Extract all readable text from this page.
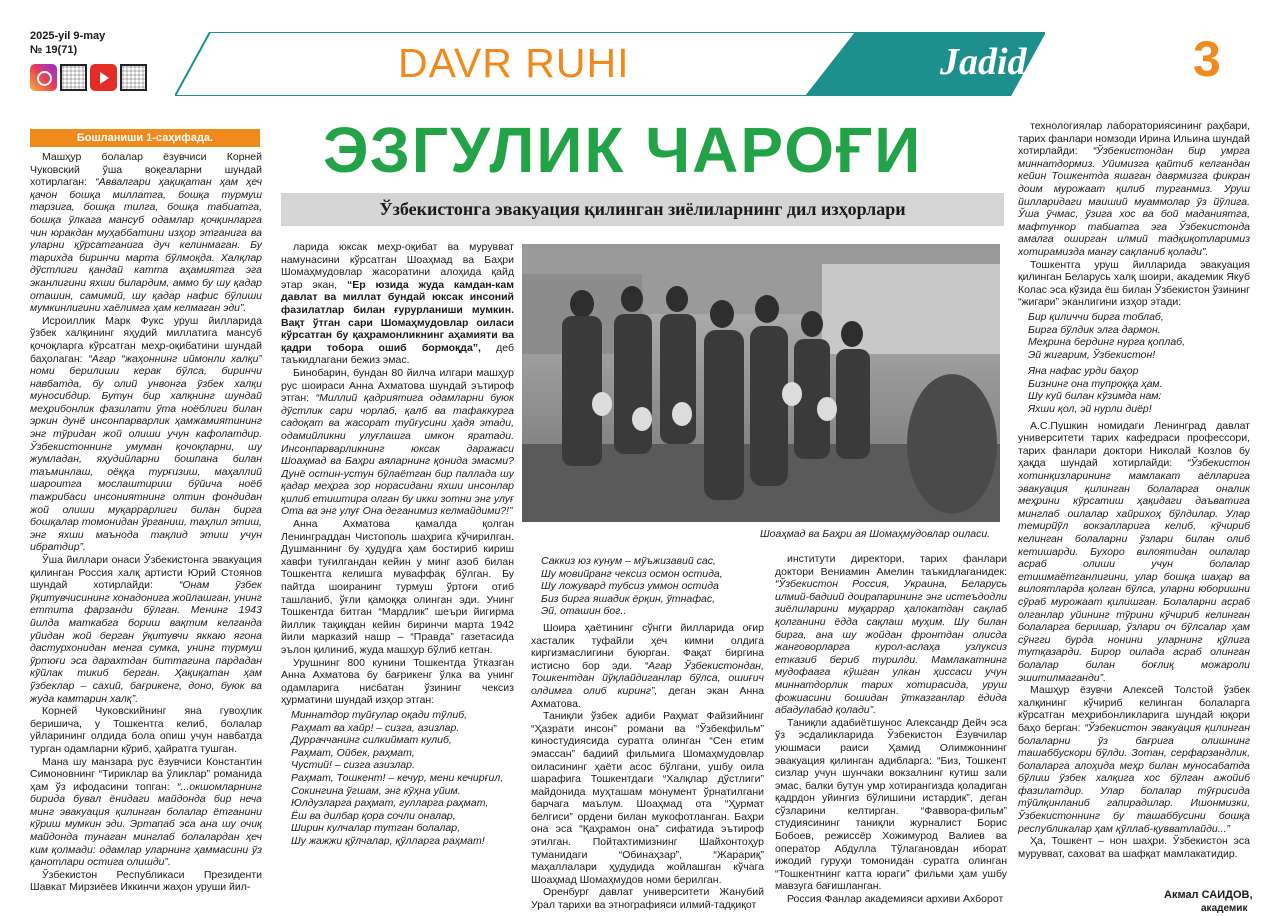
2025-yil 9-may
№ 19(71)	DAVR RUHI	Jadid	3
Бошланиши 1-саҳифада.

Машҳур болалар ёзувчиси Корней Чуковский ўша воқеаларни шундай хотирлаган: “Аввалгари ҳақиқатан ҳам ҳеч қачон бошқа миллатга, бошқа турмуш тарзига, бошқа тилга, бошқа табиатга, бошқа ўлкага мансуб одамлар қочқинларга чин юракдан муҳаббатини изҳор этганига ва уларни қўрсатганига дуч келинмаган. Бу тарихда биринчи марта бўлмоқда. Халқлар дўстлиги қандай катта аҳамиятга эга эканлигини яхши билардим, аммо бу шу қадар оташин, самимий, шу қадар нафис бўлиши мумкинлигини хаёлимга ҳам келмаган эди”.

Исроиллик Марк Фукс уруш йилларида ўзбек халқининг яҳудий миллатига мансуб қочоқларга кўрсатган меҳр-оқибатини шундай баҳолаган: “Агар “жаҳоннинг иймонли халқи” номи берилиши керак бўлса, биринчи навбатда, бу олий унвонга ўзбек халқи муносибдир. Бутун бир халқнинг шундай меҳрибонлик фазилати ўта ноёблиги билан эркин дунё инсонпарварлик ҳамжамиятининг энг тўридан жой олиши учун кафолатдир. Ўзбекистоннинг умуман қочоқларни, шу жумладан, яҳудийларни бошпана билан таъминлаш, оёққа турғизиш, маҳаллий шароитга мослаштириш бўйича ноёб тажрибаси инсониятнинг олтин фондидан жой олиши муқаррарлиги билан бирга бошқалар томонидан ўрганиш, таҳлил этиш, энг яхши маънода тақлид этиш учун ибратдир”.

Ўша йиллари онаси Ўзбекистонга эвакуация қилинган Россия халқ артисти Юрий Стоянов шундай хотирлайди: “Онам ўзбек ўқитувчисининг хонадонига жойлашган, унинг еттита фарзанди бўлган. Менинг 1943 йилда маткабга бориш вақтим келганда уйидан жой берган ўқитувчи яккаю ягона дастурхонидан менга сумка, унинг турмуш ўртоғи эса дарахтдан биттагина пардадан кўйлак тикиб берган. Ҳақиқатан ҳам ўзбеклар – сахий, бағрикенг, доно, буюк ва жуда камтарин халқ”.

Корней Чуковскийнинг яна гувоҳлик беришича, у Тошкентга келиб, болалар уйларининг олдида бола опиш учун навбатда турган одамларни кўриб, ҳайратга тушган.

Мана шу манзара рус ёзувчиси Константин Симоновнинг “Тириклар ва ўликлар” романида ҳам ўз ифодасини топган: “...окшомларнинг бирида бувал ёнидаги майдонда бир неча минг эвакуация қилинган болалар ётганини кўриш мумкин эди. Эртапаб эса ана шу очиқ майдонда тунаган минглаб болалардан ҳеч ким қолмади: одамлар уларнинг ҳаммасини ўз қанотлари остига олишди”.

Ўзбекистон Республикаси Президенти Шавкат Мирзиёев Иккинчи жаҳон уруши йил-

ЭЗГУЛИК ЧАРОҒИ
Ўзбекистонга эвакуация қилинган зиёлиларнинг дил изҳорлари

ларида юксак меҳр-оқибат ва мурувват намунасини кўрсатган Шоаҳмад ва Баҳри Шомаҳмудовлар жасоратини алоҳида қайд этар экан, “Ер юзида жуда камдан-кам давлат ва миллат бундай юксак инсоний фазилатлар билан ғурурланиши мумкин. Вақт ўтган сари Шомаҳмудовлар оиласи кўрсатган бу қаҳрамонликнинг аҳамияти ва қадри тобора ошиб бормоқда”, деб таъкидлагани бежиз эмас.

Бинобарин, бундан 80 йилча илгари машҳур рус шоираси Анна Ахматова шундай эътироф этган: “Миллий қадриятига одамларни буюк дўстлик сари чорлаб, қалб ва тафаккурга садоқат ва жасорат туйғусини ҳадя этади, одамийликни улуғлашга имкон яратади. Инсонпарварликнинг юксак даражаси Шоаҳмад ва Баҳри аяларнинг қонида эмасми? Дунё остин-устун бўлаётган бир паллада шу қадар меҳрга зор норасидани яхши инсонлар қилиб етиштира олган бу икки зотни энг улуғ Ота ва энг улуғ Она деганимиз келмайдими?!”

Анна Ахматова қамалда қолган Ленинграддан Чистополь шаҳрига кўчирилган. Душманнинг бу ҳудудга ҳам бостириб кириш хавфи туғилгандан кейин у минг азоб билан Тошкентга келишга муваффақ бўлган. Бу пайтда шоиранинг турмуш ўртоғи отиб ташланиб, ўғли қамоққа олинган эди. Унинг Тошкентда битган “Мардлик” шеъри йигирма йиллик тақиқдан кейин биринчи марта 1942 йили марказий нашр – “Правда” газетасида эълон қилиниб, жуда машҳур бўлиб кетган.

Урушнинг 800 кунини Тошкентда ўтказган Анна Ахматова бу бағрикенг ўлка ва унинг одамларига нисбатан ўзининг чексиз ҳурматини шундай изҳор этган:

Миннатдор туйғулар оқади тўлиб,

Раҳмат ва хайр! – сизга, азизлар.

Дурраччанинг силкиймаm кулиб,

Раҳмат, Ойбек, раҳмат,

Чустий! – сизга азизлар.

Раҳмат, Тошкент! – кечур, мени кечирғил,

Сокингина ўгшам, энг кўҳна уйим.

Юлдузларга раҳмат, гулларга раҳмат,

Ёш ва дилбар қора сочли оналар,

Ширин кулчалар тутган болалар,

Шу жажжи қўлчалар, қўлларга раҳмат!

Шоаҳмад ва Баҳри ая Шомаҳмудовлар оиласи.

Саккиз юз кунум – мўъжизавий сас,

Шу мовийранг чексиз осмон остида,

Шу ложувард тубсиз уммон остида

Биз бирга яшадик ёрқин, ўтнафас,

Эй, оташин бог..

Шоира ҳаётининг сўнгги йилларида оғир хасталик туфайли ҳеч кимни олдига киргизмаслигини буюрган. Фақат биргина истисно бор эди. “Агар Ўзбекистондан, Тошкентдан йўқлайдиганлар бўлса, ошиғич олдимга олиб киринг”, деган экан Анна Ахматова.

Таниқли ўзбек адиби Раҳмат Файзийнинг “Ҳазрати инсон” романи ва “Ўзбекфильм” киностудиясида суратга олинган “Сен етим эмассан” бадиий фильмига Шомаҳмудовлар оиласининг ҳаёти асос бўлгани, ушбу оила шарафига Тошкентдаги “Халқлар дўстлиги” майдонида муҳташам монумент ўрнатилгани барчага маълум. Шоаҳмад ота “Ҳурмат белгиси” ордени билан мукофотланган. Баҳри она эса “Қаҳрамон она” сифатида эътироф этилган. Пойтахтимизнинг Шайхонтоҳур туманидаги “Обинаҳзар”, “Жарариқ” маҳаллалари ҳудудида жойлашган кўчага Шоаҳмад Шомаҳмудов номи берилган.

Оренбург давлат университети Жанубий Урал тарихи ва этнографияси илмий-тадқиқот

институти директори, тарих фанлари доктори Вениамин Амелин таъкидлаганидек: “Ўзбекистон Россия, Украина, Беларусь илмий-бадиий доирапарининг энг истеъдодли зиёлиларини муқаррар ҳалокатдан сақлаб қолганини ёдда сақлаш муҳим. Шу билан бирга, ана шу жойдан фронтдан олисда жанговорларга курол-аслаҳа узлуксиз етказиб бериб турилди. Мамлакатнинг мудофаага кўшган улкан ҳиссаси учун миннатдорлик тарих хотирасида, уруш фожиасини бошидан ўтказганлар ёдида абадулабад қолади”.

Таниқли адабиётшунос Александр Дейч эса ўз эсдаликларида Ўзбекистон Ёзувчилар уюшмаси раиси Ҳамид Олимжоннинг эвакуация қилинган адибларга: “Биз, Тошкент сизлар учун шунчаки вокзалнинг кутиш зали эмас, балки бутун умр хотирангизда қоладиган қадрдон уйингиз бўлишини истардик”, деган сўзларини келтирган. “Фаввора-фильм” студиясининг таниқли журналист Борис Бобоев, режиссёр Хожимурод Валиев ва оператор Абдулла Тўлагановдан иборат ижодий гуруҳи томонидан суратга олинган “Тошкентнинг катта юраги” фильми ҳам ушбу мавзуга бағишланган.

Россия Фанлар академияси архиви Ахборот

технологиялар лабораториясининг раҳбари, тарих фанлари номзоди Ирина Ильина шундай хотирлайди: “Ўзбекистондан бир умрга миннатдормиз. Уйимизга қайтиб келгандан кейин Тошкентда яшаган даврмизга фикран доим мурожаат қилиб турганмиз. Уруш йилларидаги маиший муаммолар ўз йўлига. Ўша ўчмас, ўзига хос ва бой маданиятга, мафтункор табиатга эга Ўзбекистонда амалга оширган илмий тадқиқотларимиз хотирамизда мангу сақланиб қолади”.

Тошкентга уруш йилларида эвакуация қилинган Беларусь халқ шоири, академик Якуб Колас эса кўзида ёш билан Ўзбекистон ўзининг “жигари” эканлигини изҳор этади:

Бир қиличчи бирга тоблаб,

Бирга бўлдик элга дармон.

Меҳрина бердинг нурга қоплаб,

Эй жигарим, Ўзбекистон!

Яна нафас урди баҳор

Бизнинг она тупроққа ҳам.

Шу куй билан кўзимда нам:

Яхши қол, эй нурли диёр!

А.С.Пушкин номидаги Ленинград давлат университети тарих кафедраси профессори, тарих фанлари доктори Николай Козлов бу ҳақда шундай хотирлайди: “Ўзбекистон хотинқизларининг мамлакат аёлларига эвакуация қилинган болаларга оналик меҳрини кўрсатиш ҳақидаги даъватига минглаб оилалар хайрихоҳ бўлдилар. Улар темирйўл вокзалларига келиб, кўчириб келинган болаларни ўзлари билан олиб кетишарди. Бухоро вилоятидан оилалар асраб олиши учун болалар етишмаётганлигини, улар бошқа шаҳар ва вилоятларда қолган бўлса, уларни юборишни сўраб мурожаат қилишган. Болаларни асраб олганлар уйининг тўрини кўчириб келинган болаларга беришар, ўзлари оч бўлсалар ҳам сўнгги бурда нонини уларнинг қўлига тутқазарди. Бирор оилада асраб олинган болалар билан боғлиқ можароли эшитилмаганди”.

Машҳур ёзувчи Алексей Толстой ўзбек халқининг кўчириб келинган болаларга кўрсатган меҳрибонликларига шундай юқори баҳо берган: “Ўзбекистон эвакуация қилинган болаларни ўз бағрига олишнинг ташаббускори бўлди. Зотан, серфарзандлик, болаларга алоҳида меҳр билан муносабатда бўлиш ўзбек халқига хос бўлган ажойиб фазилатдир. Улар болалар тўғрисида тўйлқинланиб гапирадилар. Ишонмизки, Ўзбекистоннинг бу ташаббусини бошқа республикалар ҳам қўллаб-қувватлайди...”

Ҳа, Тошкент – нон шаҳри. Ўзбекистон эса мурувват, саховат ва шафқат мамлакатидир.

Акмал САИДОВ,
академик
